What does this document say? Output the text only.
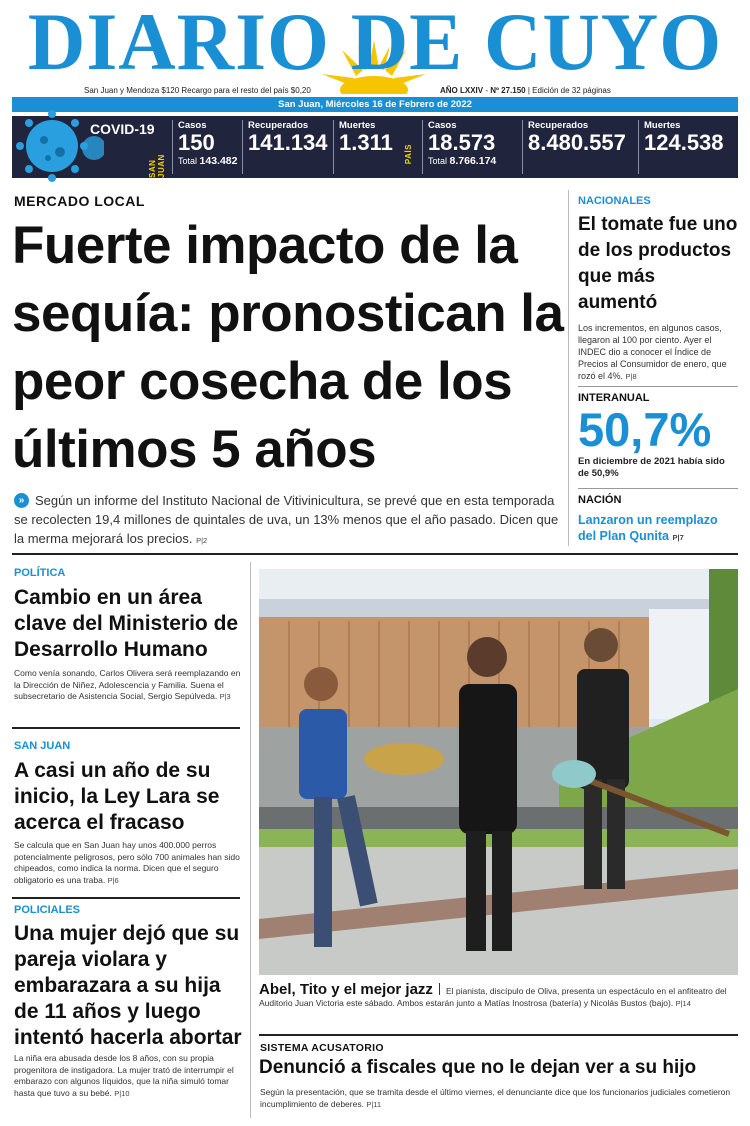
DIARIO DE CUYO
San Juan y Mendoza $120 Recargo para el resto del país $0,20	AÑO LXXIV - Nº 27.150 | Edición de 32 páginas
San Juan, Miércoles 16 de Febrero de 2022
COVID-19
SAN JUAN
PAÍS
Casos
150
Total 143.482
Recuperados
141.134
Muertes
1.311
Casos
18.573
Total 8.766.174
Recuperados
8.480.557
Muertes
124.538
MERCADO LOCAL
Fuerte impacto de la sequía: pronostican la peor cosecha de los últimos 5 años
» Según un informe del Instituto Nacional de Vitivinicultura, se prevé que en esta temporada se recolecten 19,4 millones de quintales de uva, un 13% menos que el año pasado. Dicen que la merma mejorará los precios. P|2
NACIONALES
El tomate fue uno de los productos que más aumentó
Los incrementos, en algunos casos, llegaron al 100 por ciento. Ayer el INDEC dio a conocer el Índice de Precios al Consumidor de enero, que rozó el 4%. P|8
INTERANUAL
50,7%
En diciembre de 2021 había sido de 50,9%
NACIÓN
Lanzaron un reemplazo del Plan Qunita P|7
POLÍTICA
Cambio en un área clave del Ministerio de Desarrollo Humano
Como venía sonando, Carlos Olivera será reemplazando en la Dirección de Niñez, Adolescencia y Familia. Suena el subsecretario de Asistencia Social, Sergio Sepúlveda. P|3
SAN JUAN
A casi un año de su inicio, la Ley Lara se acerca el fracaso
Se calcula que en San Juan hay unos 400.000 perros potencialmente peligrosos, pero sólo 700 animales han sido chipeados, como indica la norma. Dicen que el seguro obligatorio es una traba. P|6
POLICIALES
Una mujer dejó que su pareja violara y embarazara a su hija de 11 años y luego intentó hacerla abortar
La niña era abusada desde los 8 años, con su propia progenitora de instigadora. La mujer trató de interrumpir el embarazo con algunos líquidos, que la niña simuló tomar hasta que tuvo a su bebé. P|10
Abel, Tito y el mejor jazz El pianista, discípulo de Oliva, presenta un espectáculo en el anfiteatro del Auditorio Juan Victoria este sábado. Ambos estarán junto a Matías Inostrosa (batería) y Nicolás Bustos (bajo). P|14
SISTEMA ACUSATORIO
Denunció a fiscales que no le dejan ver a su hijo
Según la presentación, que se tramita desde el último viernes, el denunciante dice que los funcionarios judiciales cometieron incumplimiento de deberes. P|11
